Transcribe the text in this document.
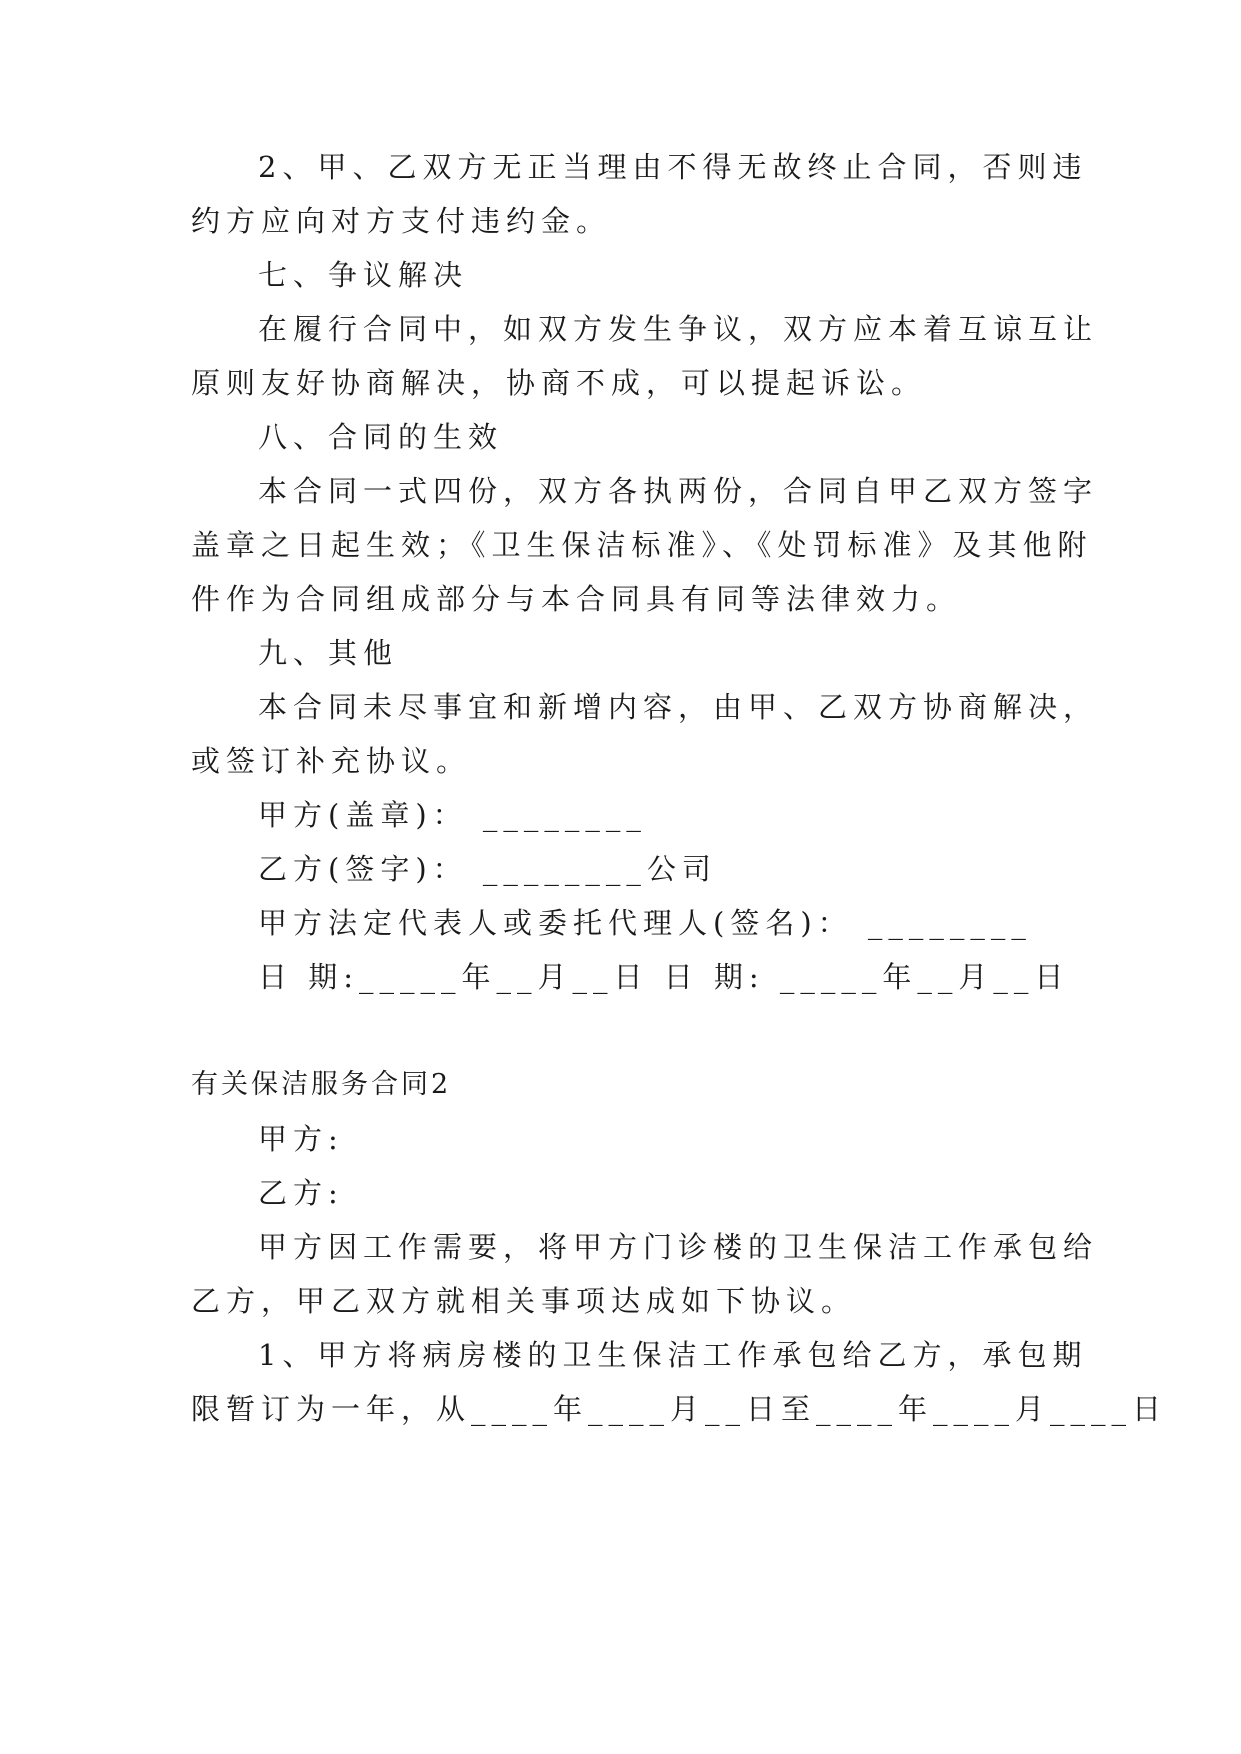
2、甲、乙双方无正当理由不得无故终止合同，否则违
约方应向对方支付违约金。
七、争议解决
在履行合同中，如双方发生争议，双方应本着互谅互让
原则友好协商解决，协商不成，可以提起诉讼。
八、合同的生效
本合同一式四份，双方各执两份，合同自甲乙双方签字
盖章之日起生效；《卫生保洁标准》、《处罚标准》及其他附
件作为合同组成部分与本合同具有同等法律效力。
九、其他
本合同未尽事宜和新增内容，由甲、乙双方协商解决，
或签订补充协议。
甲方(盖章)： ________
乙方(签字)： ________公司
甲方法定代表人或委托代理人(签名)： ________
日 期:_____年__月__日 日 期: _____年__月__日
有关保洁服务合同2
甲方:
乙方:
甲方因工作需要，将甲方门诊楼的卫生保洁工作承包给
乙方，甲乙双方就相关事项达成如下协议。
1、甲方将病房楼的卫生保洁工作承包给乙方，承包期
限暂订为一年，从____年____月__日至____年____月____日
